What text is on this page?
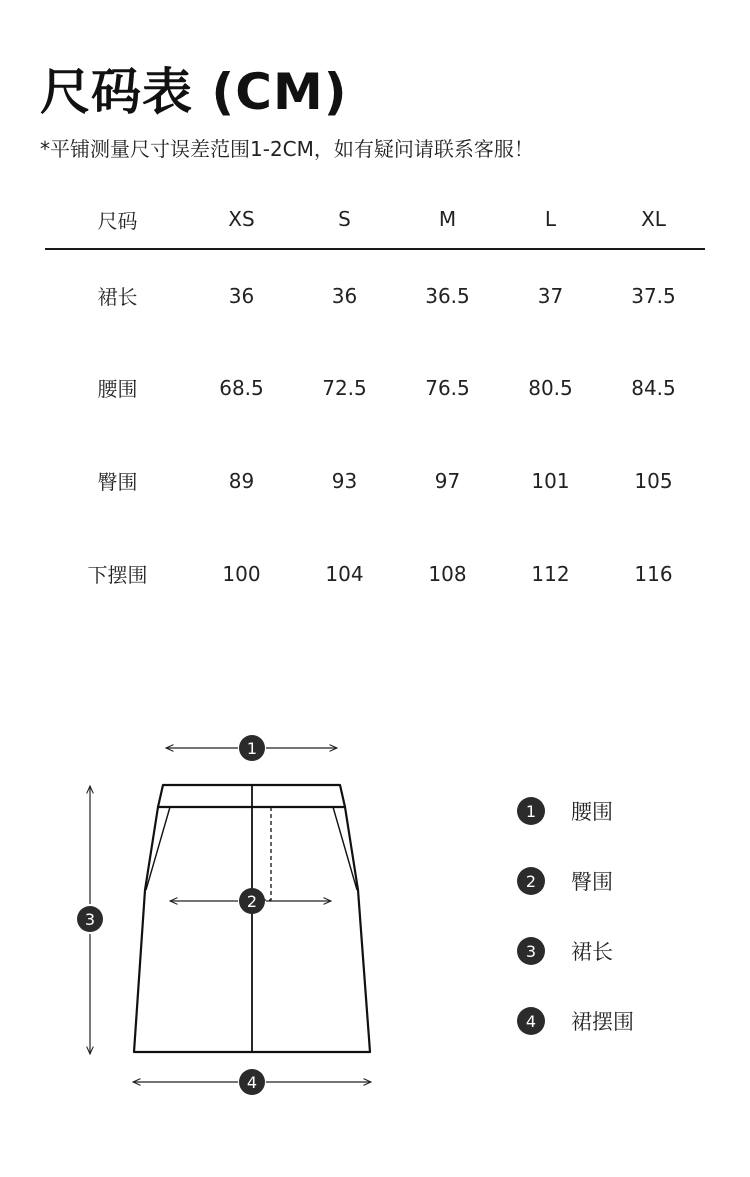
尺码表 (CM)
*平铺测量尺寸误差范围1-2CM，如有疑问请联系客服！
尺码	XS	S	M	L	XL
裙长	36	36	36.5	37	37.5
腰围	68.5	72.5	76.5	80.5	84.5
臀围	89	93	97	101	105
下摆围	100	104	108	112	116
1
2
3
4
1	腰围
2	臀围
3	裙长
4	裙摆围
